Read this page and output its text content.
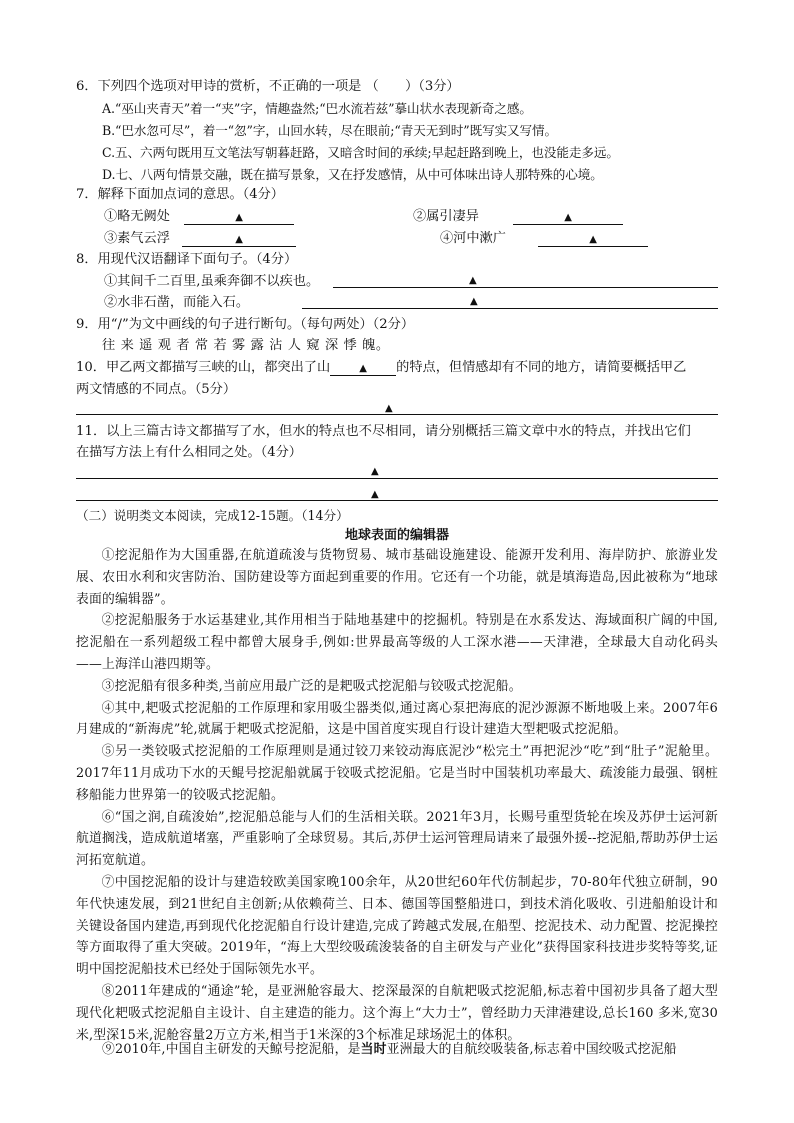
6．下列四个选项对甲诗的赏析，不正确的一项是 （　　）（3分）
A.“巫山夹青天”着一“夹”字，情趣盎然;“巴水流若兹”摹山状水表现新奇之感。
B.“巴水忽可尽”，着一“忽”字，山回水转，尽在眼前;“青天无到时”既写实又写情。
C.五、六两句既用互文笔法写朝暮赶路，又暗含时间的承续;早起赶路到晚上，也没能走多远。
D.七、八两句情景交融，既在描写景象，又在抒发感情，从中可体味出诗人那特殊的心境。
7．解释下面加点词的意思。（4分）
①略无阙处	▲	②属引凄异	▲
③素气云浮	▲	④河中漱广	▲
8．用现代汉语翻译下面句子。（4分）
①其间千二百里,虽乘奔御不以疾也。	▲
②水非石凿，而能入石。	▲
9．用“/”为文中画线的句子进行断句。（每句两处）（2分）
往 来 遥 观 者 常 若 雾 露 沾 人 窥 深 悸 魄。
10．甲乙两文都描写三峡的山，都突出了山	▲ 的特点，但情感却有不同的地方，请简要概括甲乙
两文情感的不同点。（5分）
▲
11．以上三篇古诗文都描写了水，但水的特点也不尽相同，请分别概括三篇文章中水的特点，并找出它们
在描写方法上有什么相同之处。（4分）
▲
▲
（二）说明类文本阅读，完成12-15题。（14分）
地球表面的编辑器

①挖泥船作为大国重器,在航道疏浚与货物贸易、城市基础设施建设、能源开发利用、海岸防护、旅游业发展、农田水利和灾害防治、国防建设等方面起到重要的作用。它还有一个功能，就是填海造岛,因此被称为“地球表面的编辑器”。

②挖泥船服务于水运基建业,其作用相当于陆地基建中的挖掘机。特别是在水系发达、海域面积广阔的中国,挖泥船在一系列超级工程中都曾大展身手,例如:世界最高等级的人工深水港——天津港，全球最大自动化码头——上海洋山港四期等。

③挖泥船有很多种类,当前应用最广泛的是耙吸式挖泥船与铰吸式挖泥船。

④其中,耙吸式挖泥船的工作原理和家用吸尘器类似,通过离心泵把海底的泥沙源源不断地吸上来。2007年6月建成的“新海虎”轮,就属于耙吸式挖泥船，这是中国首度实现自行设计建造大型耙吸式挖泥船。

⑤另一类铰吸式挖泥船的工作原理则是通过铰刀来铰动海底泥沙“松完土”再把泥沙“吃”到“肚子”泥舱里。2017年11月成功下水的天鲲号挖泥船就属于铰吸式挖泥船。它是当时中国装机功率最大、疏浚能力最强、钢桩移船能力世界第一的铰吸式挖泥船。

⑥“国之润,自疏浚始”,挖泥船总能与人们的生活相关联。2021年3月，长赐号重型货轮在埃及苏伊士运河新航道搁浅，造成航道堵塞，严重影响了全球贸易。其后,苏伊士运河管理局请来了最强外援--挖泥船,帮助苏伊士运河拓宽航道。

⑦中国挖泥船的设计与建造较欧美国家晚100余年，从20世纪60年代仿制起步，70-80年代独立研制，90年代快速发展，到21世纪自主创新;从依赖荷兰、日本、德国等国整船进口，到技术消化吸收、引进船舶设计和关键设备国内建造,再到现代化挖泥船自行设计建造,完成了跨越式发展,在船型、挖泥技术、动力配置、挖泥操控等方面取得了重大突破。2019年，“海上大型绞吸疏浚装备的自主研发与产业化”获得国家科技进步奖特等奖,证明中国挖泥船技术已经处于国际领先水平。

⑧2011年建成的“通途”轮，是亚洲舱容最大、挖深最深的自航耙吸式挖泥船,标志着中国初步具备了超大型现代化耙吸式挖泥船自主设计、自主建造的能力。这个海上“大力士”，曾经助力天津港建设,总长160 多米,宽30米,型深15米,泥舱容量2万立方米,相当于1米深的3个标准足球场泥土的体积。

⑨2010年,中国自主研发的天鲸号挖泥船，是当时亚洲最大的自航绞吸装备,标志着中国绞吸式挖泥船
